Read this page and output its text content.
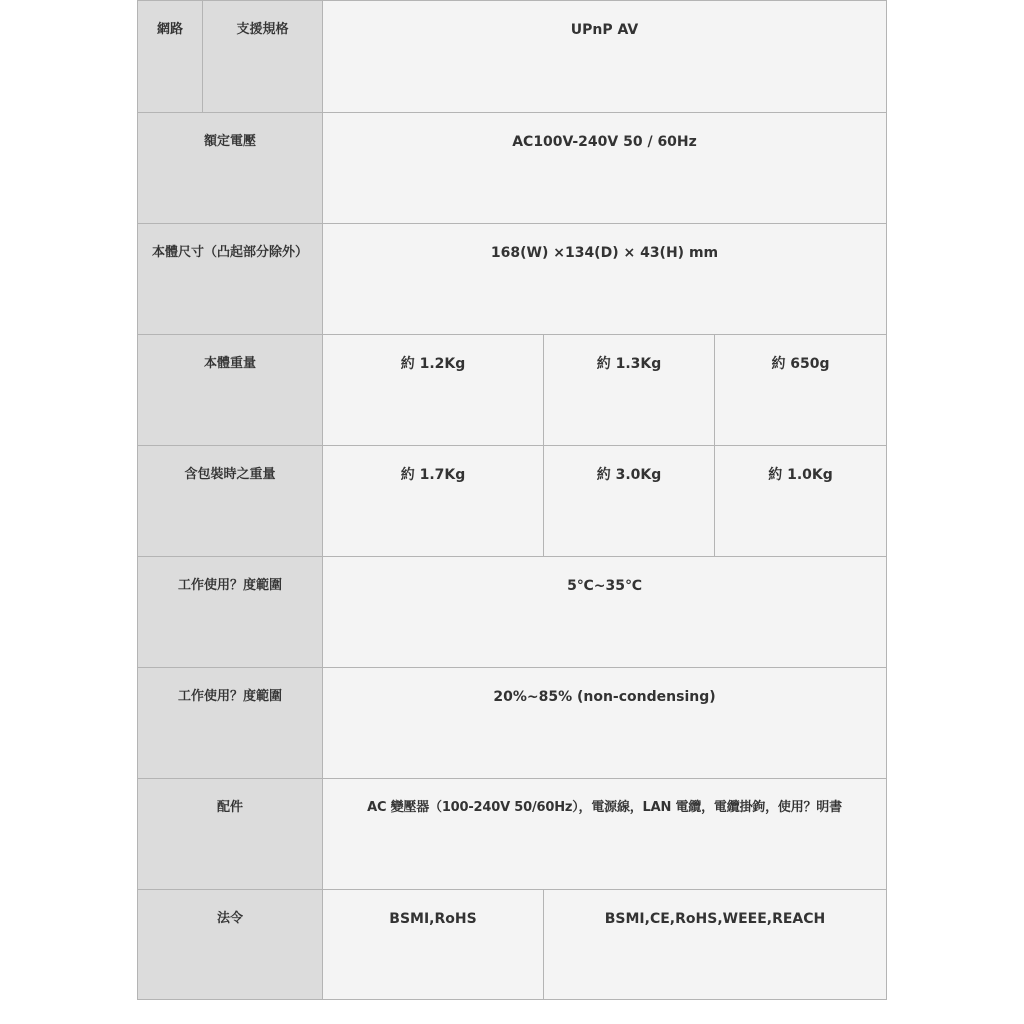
網路	支援規格	UPnP AV		
額定電壓		AC100V-240V 50 / 60Hz		
本體尺寸（凸起部分除外）		168(W) ×134(D) × 43(H) mm		
本體重量		約 1.2Kg	約 1.3Kg	約 650g
含包裝時之重量		約 1.7Kg	約 3.0Kg	約 1.0Kg
工作使用？度範圍		5℃~35℃		
工作使用？度範圍		20%~85% (non-condensing)		
配件		AC 變壓器（100-240V 50/60Hz），電源線，LAN 電纜，電纜掛鉤，使用？明書		
法令		BSMI,RoHS	BSMI,CE,RoHS,WEEE,REACH	
